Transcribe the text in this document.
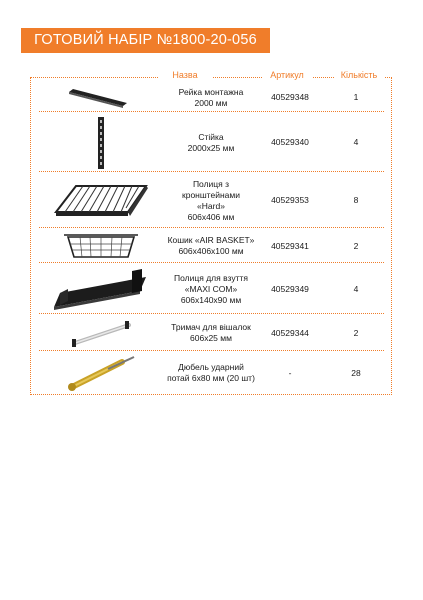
ГОТОВИЙ НАБІР №1800-20-056
Назва	Артикул	Кількість
Рейка монтажна
2000 мм
40529348	1
Стійка
2000х25 мм
40529340	4
Полиця з
кронштейнами
«Hard»
606х406 мм
40529353	8
Кошик «AIR BASKET»
606х406х100 мм
40529341	2
Полиця для взуття
«MAXI COM»
606х140х90 мм
40529349	4
Тримач для вішалок
606х25 мм
40529344	2
Дюбель ударний
потай 6х80 мм (20 шт)
-	28
